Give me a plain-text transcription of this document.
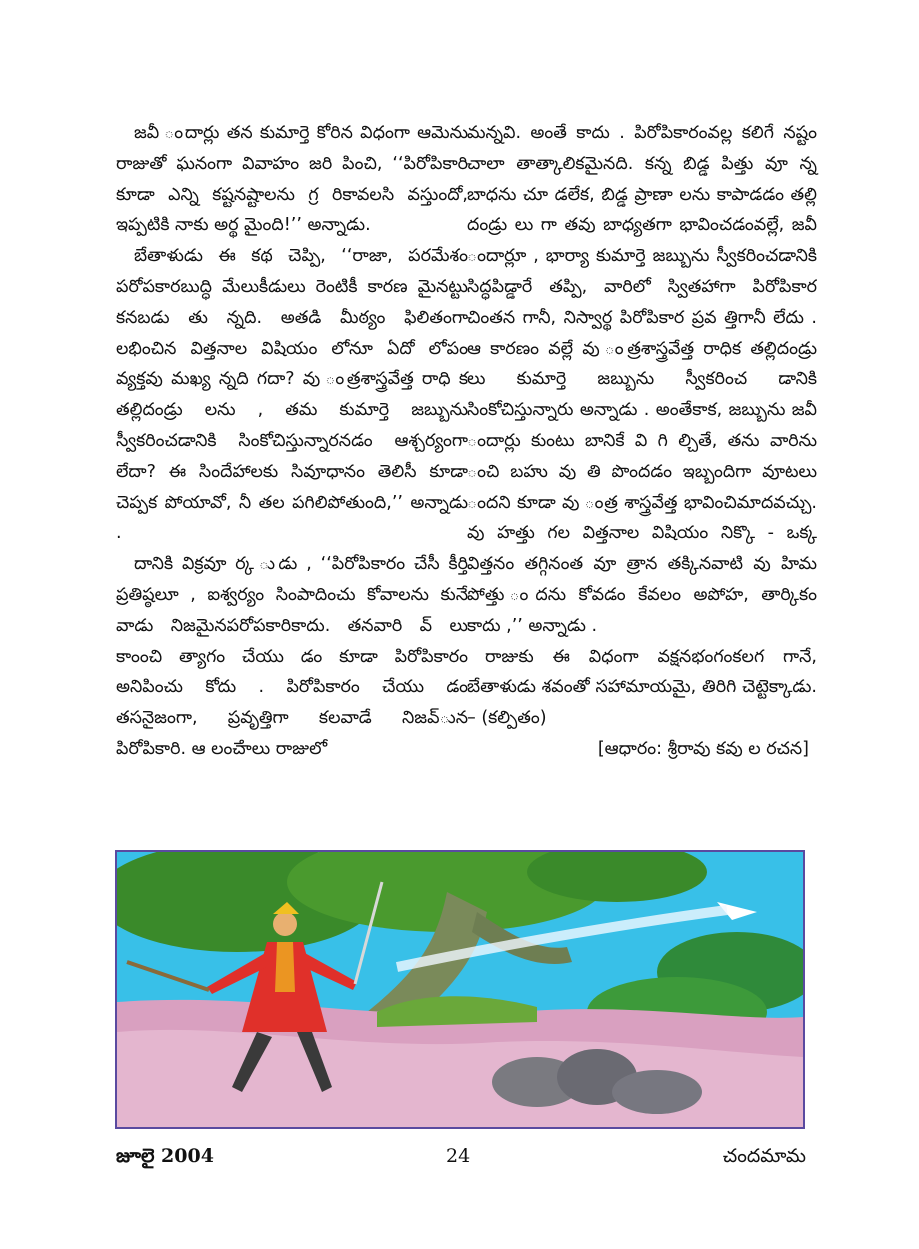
జవీ ందార్లు తన కుమార్తె కోరిన విధంగా ఆమెను రాజుతో ఘనంగా వివాహం జరి పించి, ‘‘పిరోపికారి కూడా ఎన్ని కష్టనష్టాలను గ్ర రికావలసి వస్తుందో, ఇప్పటికి నాకు అర్థ మైంది!’’ అన్నాడు.

బేతాళుడు ఈ కథ చెప్పి, ‘‘రాజా, పరమేశం పరోపకారబుద్ధి మేలుకీడులు రెంటికీ కారణ మైనట్టు కనబడు తు న్నది. అతడి మీఠ్యం ఫిలితంగా లభించిన విత్తనాల విషియం లోనూ ఏదో లోపం వ్యక్తవు మఖ్య న్నది గదా? వు ంత్రశాస్త్రవేత్త రాధి క తల్లిదండ్రు లను , తమ కుమార్తె జబ్బును స్వీకరించడానికి సింకోచిస్తున్నారనడం ఆశ్చర్యంగా లేదా? ఈ సిందేహాలకు సివూధానం తెలిసీ కూడా చెప్పక పోయావో, నీ తల పగిలిపోతుంది,’’ అన్నాడు .

దానికి విక్రవూ ర్క ుడు , ‘‘పిరోపికారం చేసీ కీర్తి ప్రతిష్ఠలూ , ఐశ్వర్యం సింపాదించు కోవాలను కునే వాడు నిజమైనపరోపకారికాదు. తనవారి వ్ లు కాంంచి త్యాగం చేయు డం కూడా పిరోపికారం అనిపించు కోదు . పిరోపికారం చేయు డం తసనైజంగా, ప్రవృత్తిగా కలవాడే నిజవ్ున పిరోపికారి. ఆ లంౘాలు రాజులో

మన్నవి. అంతే కాదు . పిరోపికారంవల్ల కలిగే నష్టం చాలా తాత్కాలికమైనది. కన్న బిడ్డ పిత్తు వూ న్న బాధను చూ డలేక, బిడ్డ ప్రాణా లను కాపాడడం తల్లి దండ్రు లు గా తవు బాధ్యతగా భావించడంవల్లే, జవీ ందార్లూ , భార్యా కుమార్తె జబ్బును స్వీకరించడానికి సిద్ధపిడ్డారే తప్పి, వారిలో స్వితహాగా పిరోపికార చింతన గానీ, నిస్వార్థ పిరోపికార ప్రవ త్తిగానీ లేదు . ఆ కారణం వల్లే వు ంత్రశాస్త్రవేత్త రాధిక తల్లిదండ్రు లు కుమార్తె జబ్బును స్వీకరించ డానికి సింకోచిస్తున్నారు అన్నాడు . అంతేకాక, జబ్బును జవీ ందార్లు కుంటు బానికే వి గి ల్చితే, తను వారిను ంచి బహు వు తి పొందడం ఇబ్బందిగా వూటలు ందని కూడా వు ంత్ర శాస్త్రవేత్త భావించిమాదవచ్చు. వు హత్తు గల విత్తనాల విషియం నిక్కొ - ఒక్క విత్తనం తగ్గినంత వూ త్రాన తక్కినవాటి వు హిమ పోత్తు ందను కోవడం కేవలం అపోహ, తార్కికం కాదు ,’’ అన్నాడు .

రాజుకు ఈ విధంగా వక్షనభంగంకలగ గానే, బేతాళుడు శవంతో సహామాయమై, తిరిగి చెట్టెక్కాడు. – (కల్పితం)

[ఆధారం: శ్రీరావు కవు ల రచన]
జూలై 2004	24	చందమామ
